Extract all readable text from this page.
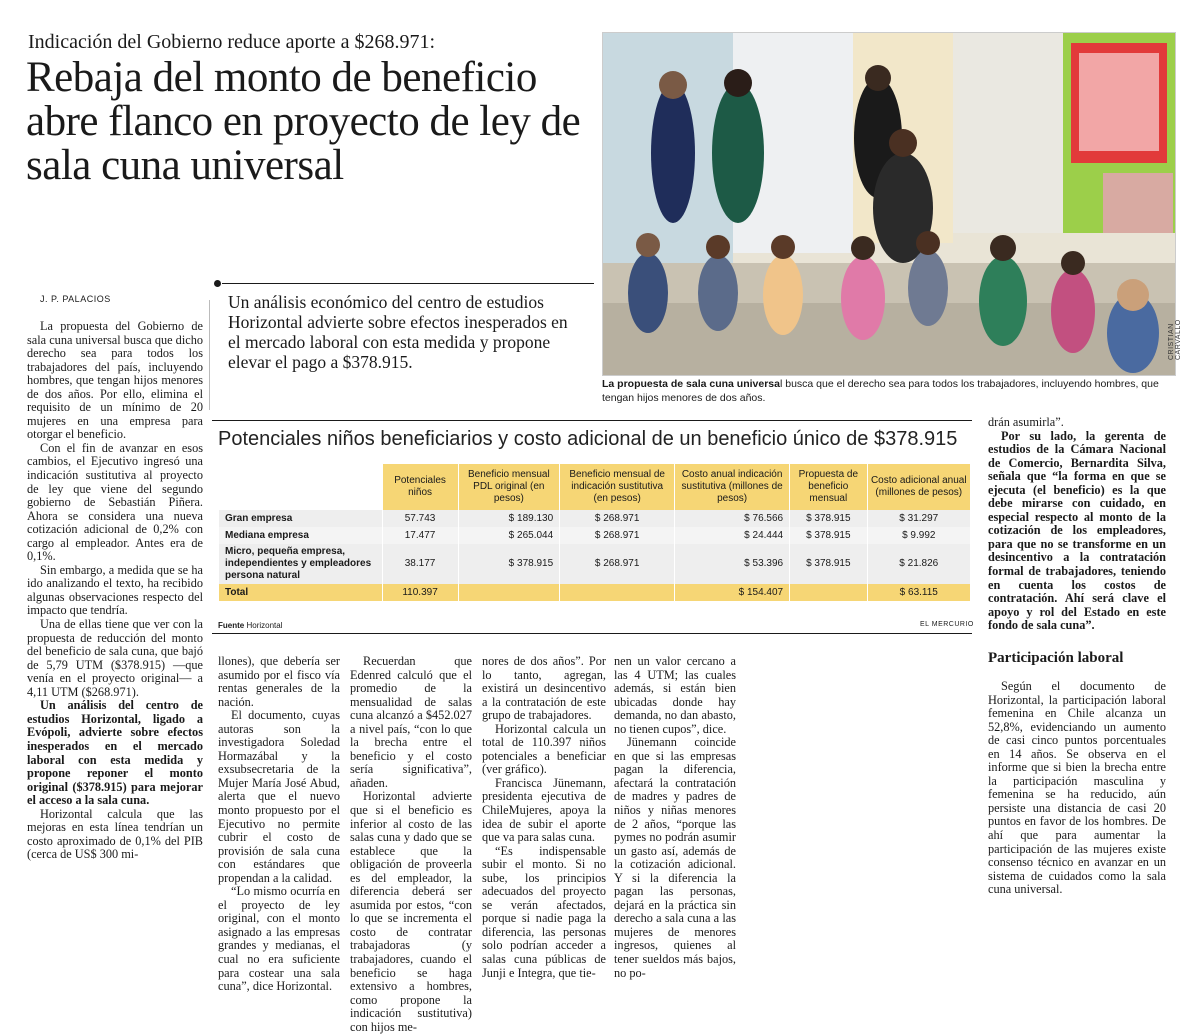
Indicación del Gobierno reduce aporte a $268.971:
Rebaja del monto de beneficio abre flanco en proyecto de ley de sala cuna universal
J. P. PALACIOS	Un análisis económico del centro de estudios Horizontal advierte sobre efectos inesperados en el mercado laboral con esta medida y propone elevar el pago a $378.915.
CRISTIAN CARVALLO
La propuesta de sala cuna universal busca que el derecho sea para todos los trabajadores, incluyendo hombres, que tengan hijos menores de dos años.

La propuesta del Gobierno de sala cuna universal busca que dicho derecho sea para todos los trabajadores del país, incluyendo hombres, que tengan hijos menores de dos años. Por ello, elimina el requisito de un mínimo de 20 mujeres en una empresa para otorgar el beneficio.

Con el fin de avanzar en esos cambios, el Ejecutivo ingresó una indicación sustitutiva al proyecto de ley que viene del segundo gobierno de Sebastián Piñera. Ahora se considera una nueva cotización adicional de 0,2% con cargo al empleador. Antes era de 0,1%.

Sin embargo, a medida que se ha ido analizando el texto, ha recibido algunas observaciones respecto del impacto que tendría.

Una de ellas tiene que ver con la propuesta de reducción del monto del beneficio de sala cuna, que bajó de 5,79 UTM ($378.915) —que venía en el proyecto original— a 4,11 UTM ($268.971).

Un análisis del centro de estudios Horizontal, ligado a Evópoli, advierte sobre efectos inesperados en el mercado laboral con esta medida y propone reponer el monto original ($378.915) para mejorar el acceso a la sala cuna.

Horizontal calcula que las mejoras en esta línea tendrían un costo aproximado de 0,1% del PIB (cerca de US$ 300 mi-

Potenciales niños beneficiarios y costo adicional de un beneficio único de $378.915
	Potenciales niños	Beneficio mensual PDL original (en pesos)	Beneficio mensual de indicación sustitutiva (en pesos)	Costo anual indicación sustitutiva (millones de pesos)	Propuesta de beneficio mensual	Costo adicional anual (millones de pesos)
Gran empresa	57.743	$ 189.130	$ 268.971	$ 76.566	$ 378.915	$ 31.297
Mediana empresa	17.477	$ 265.044	$ 268.971	$ 24.444	$ 378.915	$ 9.992
Micro, pequeña empresa, independientes y empleadores persona natural	38.177	$ 378.915	$ 268.971	$ 53.396	$ 378.915	$ 21.826
Total	110.397			$ 154.407		$ 63.115
Fuente Horizontal	EL MERCURIO

llones), que debería ser asumido por el fisco vía rentas generales de la nación.

El documento, cuyas autoras son la investigadora Soledad Hormazábal y la exsubsecretaria de la Mujer María José Abud, alerta que el nuevo monto propuesto por el Ejecutivo no permite cubrir el costo de provisión de sala cuna con estándares que propendan a la calidad.

“Lo mismo ocurría en el proyecto de ley original, con el monto asignado a las empresas grandes y medianas, el cual no era suficiente para costear una sala cuna”, dice Horizontal.

Recuerdan que Edenred calculó que el promedio de la mensualidad de salas cuna alcanzó a $452.027 a nivel país, “con lo que la brecha entre el beneficio y el costo sería significativa”, añaden.

Horizontal advierte que si el beneficio es inferior al costo de las salas cuna y dado que se establece que la obligación de proveerla es del empleador, la diferencia deberá ser asumida por estos, “con lo que se incrementa el costo de contratar trabajadoras (y trabajadores, cuando el beneficio se haga extensivo a hombres, como propone la indicación sustitutiva) con hijos me-

nores de dos años”. Por lo tanto, agregan, existirá un desincentivo a la contratación de este grupo de trabajadores.

Horizontal calcula un total de 110.397 niños potenciales a beneficiar (ver gráfico).

Francisca Jünemann, presidenta ejecutiva de ChileMujeres, apoya la idea de subir el aporte que va para salas cuna.

“Es indispensable subir el monto. Si no sube, los principios adecuados del proyecto se verán afectados, porque si nadie paga la diferencia, las personas solo podrían acceder a salas cuna públicas de Junji e Integra, que tie-

nen un valor cercano a las 4 UTM; las cuales además, si están bien ubicadas donde hay demanda, no dan abasto, no tienen cupos”, dice.

Jünemann coincide en que si las empresas pagan la diferencia, afectará la contratación de madres y padres de niños y niñas menores de 2 años, “porque las pymes no podrán asumir un gasto así, además de la cotización adicional. Y si la diferencia la pagan las personas, dejará en la práctica sin derecho a sala cuna a las mujeres de menores ingresos, quienes al tener sueldos más bajos, no po-

drán asumirla”.

Por su lado, la gerenta de estudios de la Cámara Nacional de Comercio, Bernardita Silva, señala que “la forma en que se ejecuta (el beneficio) es la que debe mirarse con cuidado, en especial respecto al monto de la cotización de los empleadores, para que no se transforme en un desincentivo a la contratación formal de trabajadores, teniendo en cuenta los costos de contratación. Ahí será clave el apoyo y rol del Estado en este fondo de sala cuna”.

Participación laboral

Según el documento de Horizontal, la participación laboral femenina en Chile alcanza un 52,8%, evidenciando un aumento de casi cinco puntos porcentuales en 14 años. Se observa en el informe que si bien la brecha entre la participación masculina y femenina se ha reducido, aún persiste una distancia de casi 20 puntos en favor de los hombres. De ahí que para aumentar la participación de las mujeres existe consenso técnico en avanzar en un sistema de cuidados como la sala cuna universal.
